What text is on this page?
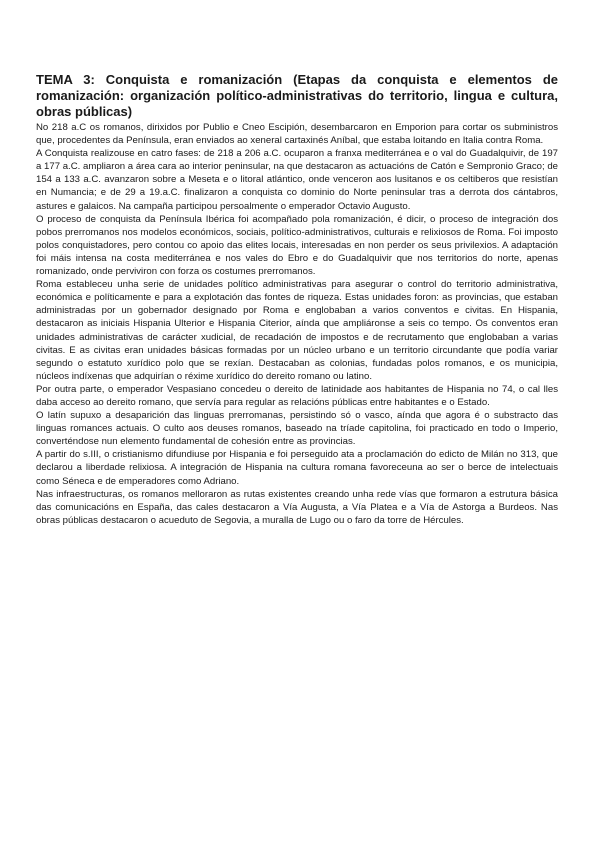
TEMA 3: Conquista e romanización (Etapas da conquista e elementos de romanización: organización político-administrativas do territorio, lingua e cultura, obras públicas)

No 218 a.C os romanos, dirixidos por Publio e Cneo Escipión, desembarcaron en Emporion para cortar os subministros que, procedentes da Península, eran enviados ao xeneral cartaxinés Aníbal, que estaba loitando en Italia contra Roma.

A Conquista realizouse en catro fases: de 218 a 206 a.C. ocuparon a franxa mediterránea e o val do Guadalquivir, de 197 a 177 a.C. ampliaron a área cara ao interior peninsular, na que destacaron as actuacións de Catón e Sempronio Graco; de 154 a 133 a.C. avanzaron sobre a Meseta e o litoral atlántico, onde venceron aos lusitanos e os celtiberos que resistían en Numancia; e de 29 a 19.a.C. finalizaron a conquista co dominio do Norte peninsular tras a derrota dos cántabros, astures e galaicos. Na campaña participou persoalmente o emperador Octavio Augusto.

O proceso de conquista da Península Ibérica foi acompañado pola romanización, é dicir, o proceso de integración dos pobos prerromanos nos modelos económicos, sociais, político-administrativos, culturais e relixiosos de Roma. Foi imposto polos conquistadores, pero contou co apoio das elites locais, interesadas en non perder os seus privilexios. A adaptación foi máis intensa na costa mediterránea e nos vales do Ebro e do Guadalquivir que nos territorios do norte, apenas romanizado, onde perviviron con forza os costumes prerromanos.

Roma estableceu unha serie de unidades político administrativas para asegurar o control do territorio administrativa, económica e políticamente e para a explotación das fontes de riqueza. Estas unidades foron: as provincias, que estaban administradas por un gobernador designado por Roma e englobaban a varios conventos e civitas. En Hispania, destacaron as iniciais Hispania Ulterior e Hispania Citerior, aínda que ampliáronse a seis co tempo. Os conventos eran unidades administrativas de carácter xudicial, de recadación de impostos e de recrutamento que englobaban a varias civitas. E as civitas eran unidades básicas formadas por un núcleo urbano e un territorio circundante que podía variar segundo o estatuto xurídico polo que se rexían. Destacaban as colonias, fundadas polos romanos, e os municipia, núcleos indíxenas que adquirían o réxime xurídico do dereito romano ou latino.

Por outra parte, o emperador Vespasiano concedeu o dereito de latinidade aos habitantes de Hispania no 74, o cal lles daba acceso ao dereito romano, que servía para regular as relacións públicas entre habitantes e o Estado.

O latín supuxo a desaparición das linguas prerromanas, persistindo só o vasco, aínda que agora é o substracto das linguas romances actuais. O culto aos deuses romanos, baseado na tríade capitolina, foi practicado en todo o Imperio, converténdose nun elemento fundamental de cohesión entre as provincias.

A partir do s.III, o cristianismo difundiuse por Hispania e foi perseguido ata a proclamación do edicto de Milán no 313, que declarou a liberdade relixiosa. A integración de Hispania na cultura romana favoreceuna ao ser o berce de intelectuais como Séneca e de emperadores como Adriano.

Nas infraestructuras, os romanos melloraron as rutas existentes creando unha rede vías que formaron a estrutura básica das comunicacións en España, das cales destacaron a Vía Augusta, a Vía Platea e a Vía de Astorga a Burdeos. Nas obras públicas destacaron o acueduto de Segovia, a muralla de Lugo ou o faro da torre de Hércules.
